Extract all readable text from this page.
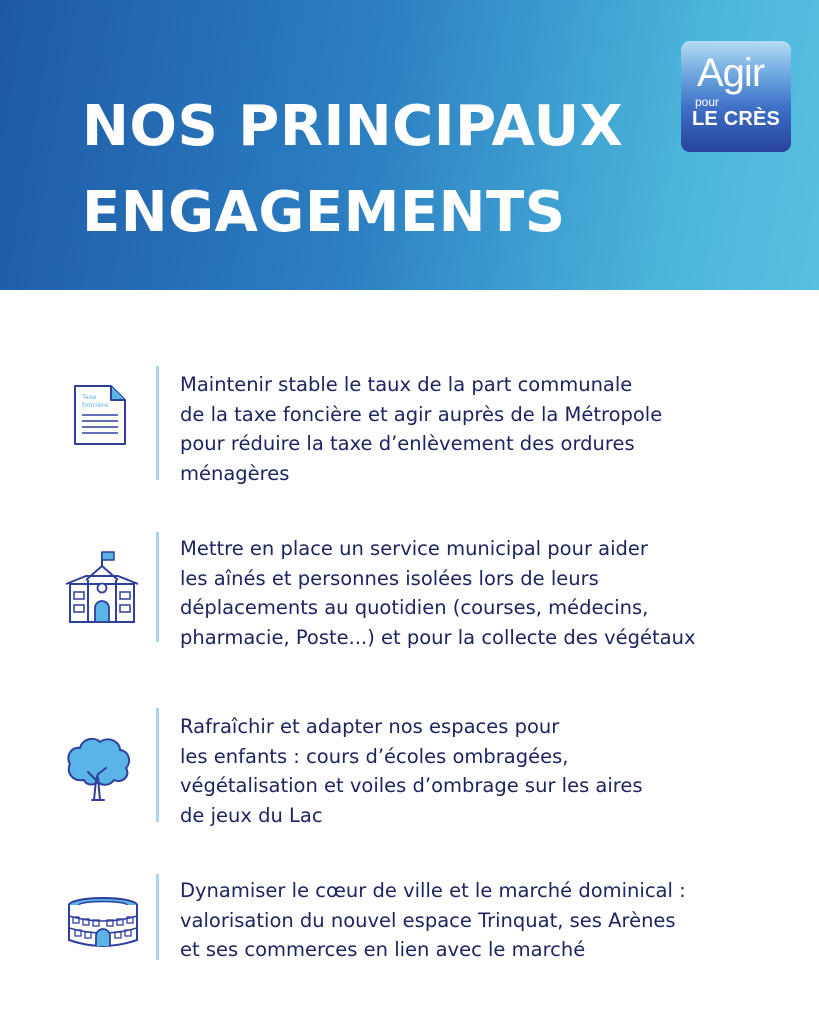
NOS PRINCIPAUX
ENGAGEMENTS
Agir
pour
LE CRÈS
Taxe
foncière
Maintenir stable le taux de la part communale
de la taxe foncière et agir auprès de la Métropole
pour réduire la taxe d’enlèvement des ordures
ménagères
Mettre en place un service municipal pour aider
les aînés et personnes isolées lors de leurs
déplacements au quotidien (courses, médecins,
pharmacie, Poste...) et pour la collecte des végétaux
Rafraîchir et adapter nos espaces pour
les enfants : cours d’écoles ombragées,
végétalisation et voiles d’ombrage sur les aires
de jeux du Lac
Dynamiser le cœur de ville et le marché dominical :
valorisation du nouvel espace Trinquat, ses Arènes
et ses commerces en lien avec le marché
